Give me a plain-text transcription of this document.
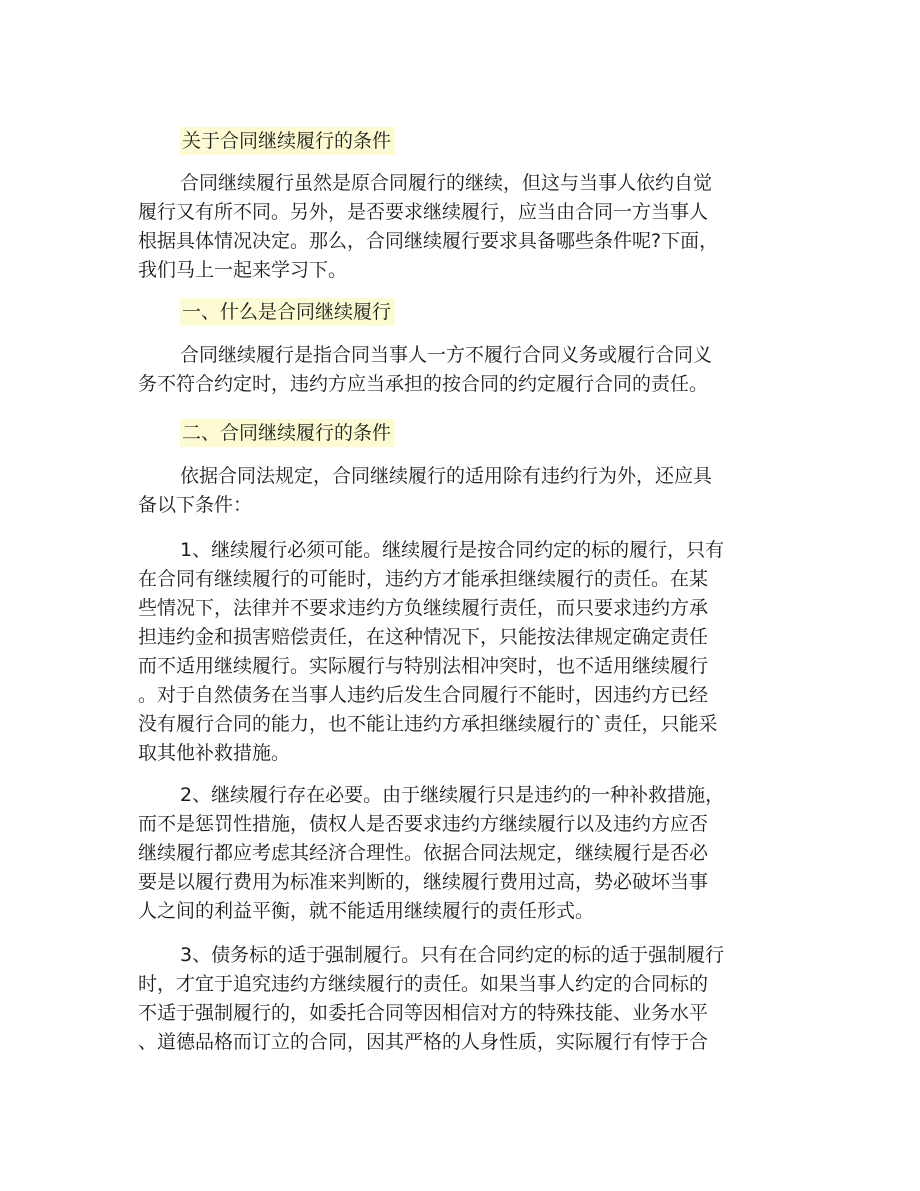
关于合同继续履行的条件
合同继续履行虽然是原合同履行的继续，但这与当事人依约自觉
履行又有所不同。另外，是否要求继续履行，应当由合同一方当事人
根据具体情况决定。那么，合同继续履行要求具备哪些条件呢?下面，
我们马上一起来学习下。
一、什么是合同继续履行
合同继续履行是指合同当事人一方不履行合同义务或履行合同义
务不符合约定时，违约方应当承担的按合同的约定履行合同的责任。
二、合同继续履行的条件
依据合同法规定，合同继续履行的适用除有违约行为外，还应具
备以下条件：
1、继续履行必须可能。继续履行是按合同约定的标的履行，只有
在合同有继续履行的可能时，违约方才能承担继续履行的责任。在某
些情况下，法律并不要求违约方负继续履行责任，而只要求违约方承
担违约金和损害赔偿责任，在这种情况下，只能按法律规定确定责任
而不适用继续履行。实际履行与特别法相冲突时，也不适用继续履行
。对于自然债务在当事人违约后发生合同履行不能时，因违约方已经
没有履行合同的能力，也不能让违约方承担继续履行的`责任，只能采
取其他补救措施。
2、继续履行存在必要。由于继续履行只是违约的一种补救措施，
而不是惩罚性措施，债权人是否要求违约方继续履行以及违约方应否
继续履行都应考虑其经济合理性。依据合同法规定，继续履行是否必
要是以履行费用为标准来判断的，继续履行费用过高，势必破坏当事
人之间的利益平衡，就不能适用继续履行的责任形式。
3、债务标的适于强制履行。只有在合同约定的标的适于强制履行
时，才宜于追究违约方继续履行的责任。如果当事人约定的合同标的
不适于强制履行的，如委托合同等因相信对方的特殊技能、业务水平
、道德品格而订立的合同，因其严格的人身性质，实际履行有悖于合
